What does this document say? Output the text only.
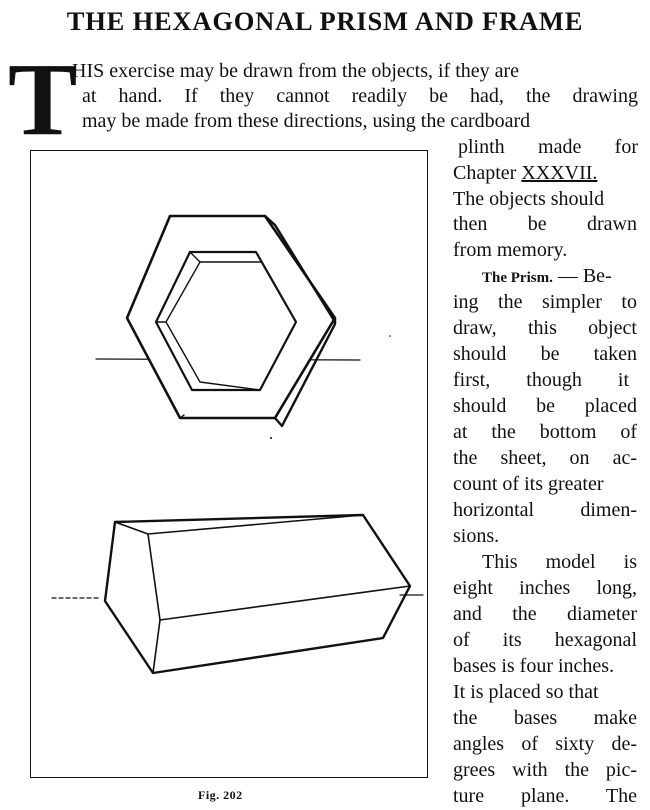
THE HEXAGONAL PRISM AND FRAME
T
HIS exercise may be drawn from the objects, if they are
at hand. If they cannot readily be had, the drawing
may be made from these directions, using the cardboard
plinth made for
Chapter XXXVII.
The objects should
then be drawn
from memory.
The Prism. — Be-
ing the simpler to
draw, this object
should be taken
first, though it
should be placed
at the bottom of
the sheet, on ac-
count of its greater
horizontal dimen-
sions.
This model is
eight inches long,
and the diameter
of its hexagonal
bases is four inches.
It is placed so that
the bases make
angles of sixty de-
grees with the pic-
ture plane. The
Fig. 202
